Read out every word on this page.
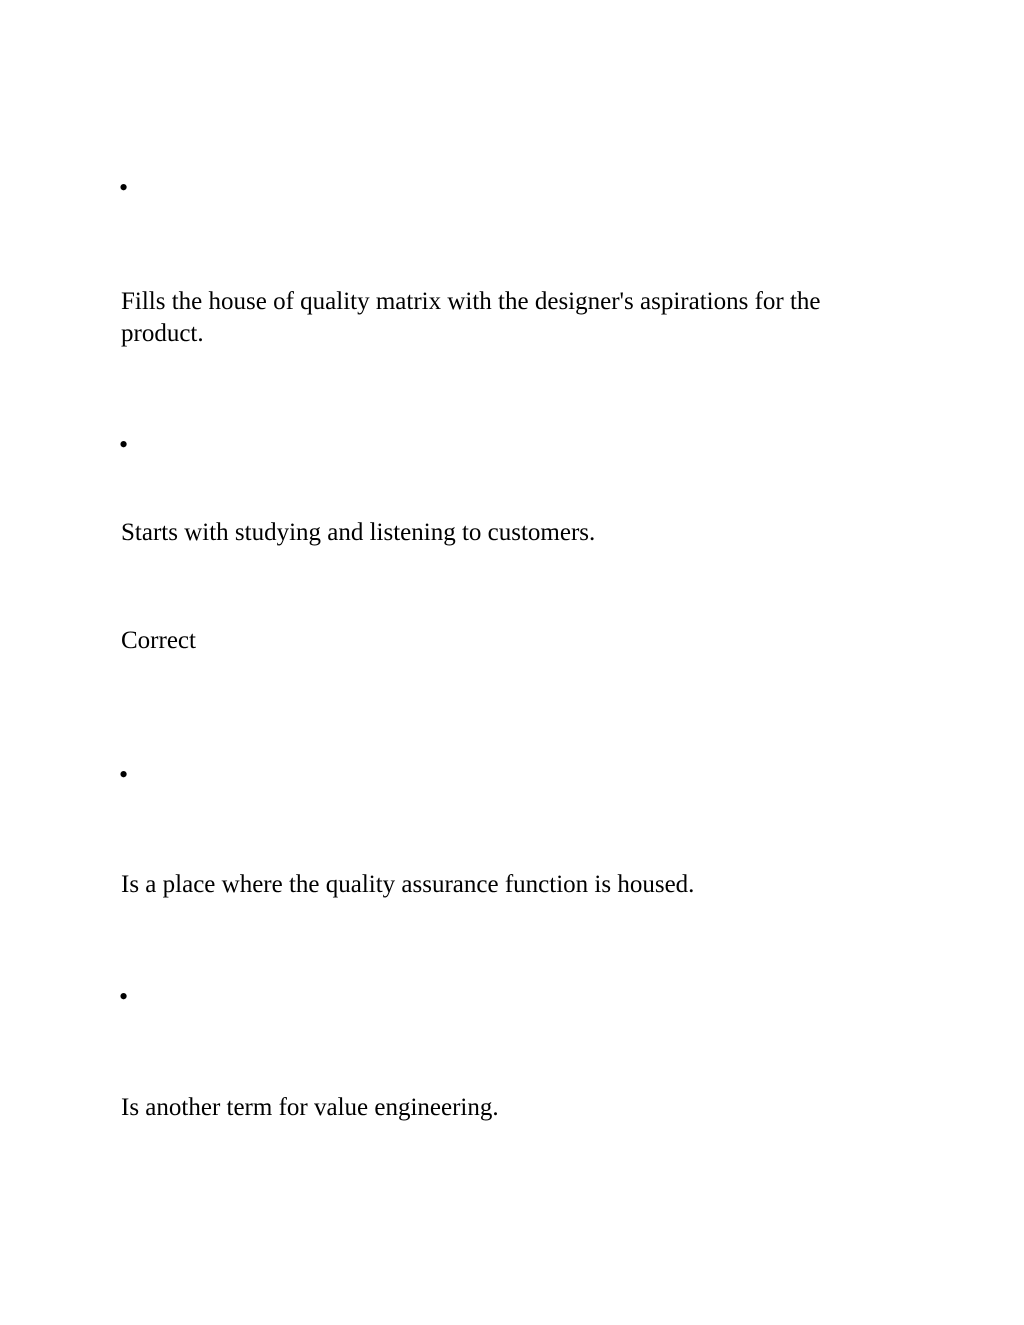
•
Fills the house of quality matrix with the designer's aspirations for the product.
•
Starts with studying and listening to customers.
Correct
•
Is a place where the quality assurance function is housed.
•
Is another term for value engineering.
